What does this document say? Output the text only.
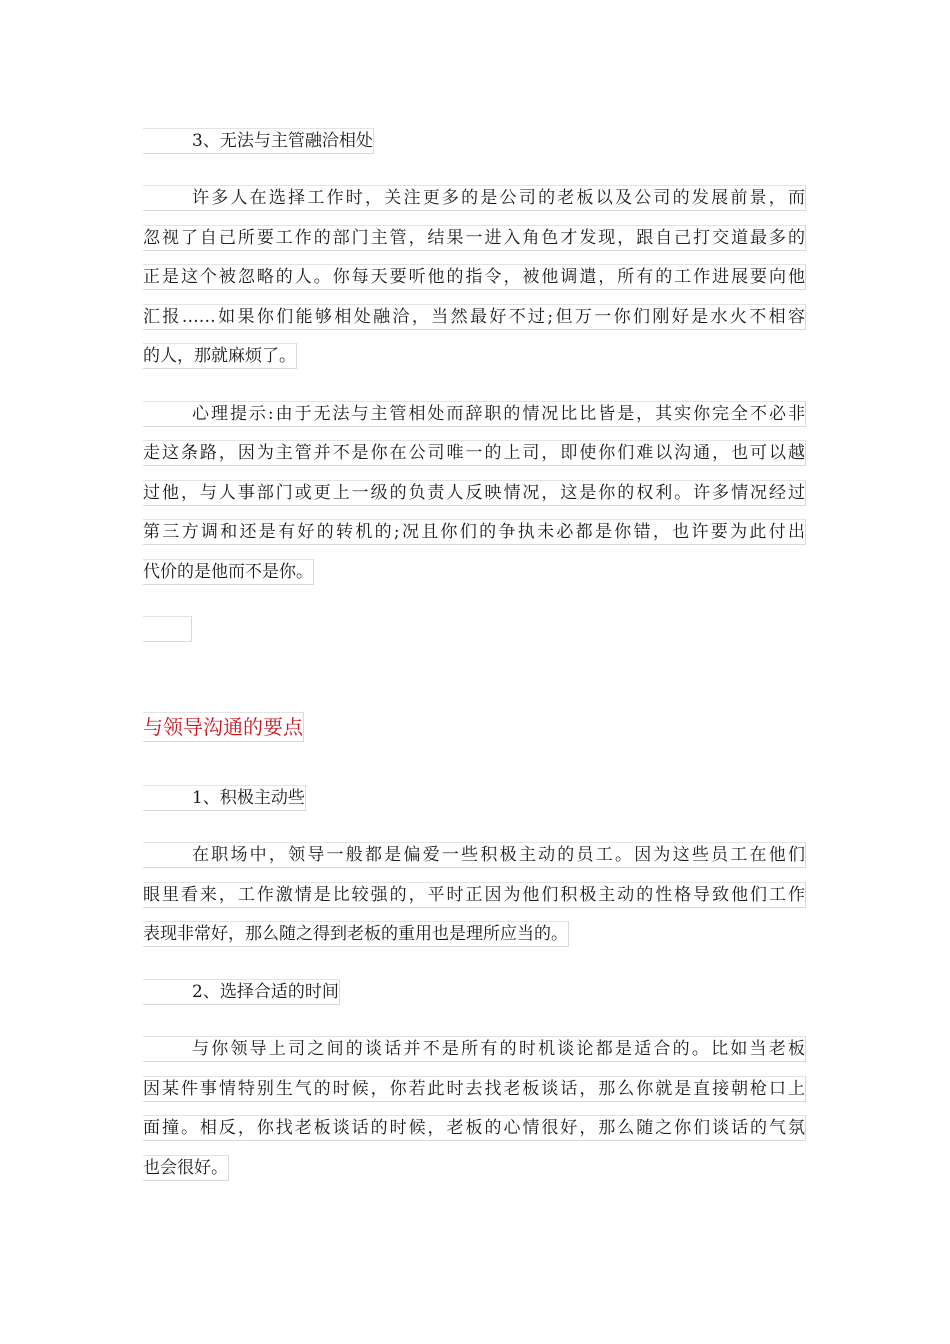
3、无法与主管融洽相处
许多人在选择工作时，关注更多的是公司的老板以及公司的发展前景，而
忽视了自己所要工作的部门主管，结果一进入角色才发现，跟自己打交道最多的
正是这个被忽略的人。你每天要听他的指令，被他调遣，所有的工作进展要向他
汇报……如果你们能够相处融洽，当然最好不过;但万一你们刚好是水火不相容
的人，那就麻烦了。
心理提示:由于无法与主管相处而辞职的情况比比皆是，其实你完全不必非
走这条路，因为主管并不是你在公司唯一的上司，即使你们难以沟通，也可以越
过他，与人事部门或更上一级的负责人反映情况，这是你的权利。许多情况经过
第三方调和还是有好的转机的;况且你们的争执未必都是你错，也许要为此付出
代价的是他而不是你。
与领导沟通的要点
1、积极主动些
在职场中，领导一般都是偏爱一些积极主动的员工。因为这些员工在他们
眼里看来，工作激情是比较强的，平时正因为他们积极主动的性格导致他们工作
表现非常好，那么随之得到老板的重用也是理所应当的。
2、选择合适的时间
与你领导上司之间的谈话并不是所有的时机谈论都是适合的。比如当老板
因某件事情特别生气的时候，你若此时去找老板谈话，那么你就是直接朝枪口上
面撞。相反，你找老板谈话的时候，老板的心情很好，那么随之你们谈话的气氛
也会很好。
